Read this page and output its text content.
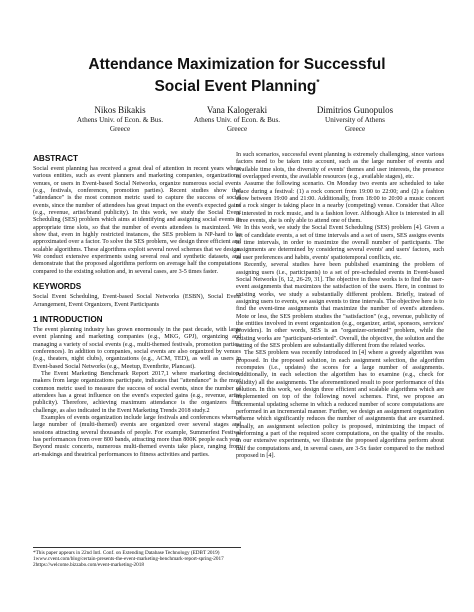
Attendance Maximization for Successful
Social Event Planning*
Nikos Bikakis
Athens Univ. of Econ. & Bus.
Greece
Vana Kalogeraki
Athens Univ. of Econ. & Bus.
Greece
Dimitrios Gunopulos
University of Athens
Greece
ABSTRACT

Social event planning has received a great deal of attention in recent years where various entities, such as event planners and marketing companies, organizations, venues, or users in Event-based Social Networks, organize numerous social events (e.g., festivals, conferences, promotion parties). Recent studies show that "attendance" is the most common metric used to capture the success of social events, since the number of attendees has great impact on the event's expected gains (e.g., revenue, artist/brand publicity). In this work, we study the Social Event Scheduling (SES) problem which aims at identifying and assigning social events to appropriate time slots, so that the number of events attendees is maximized. We show that, even in highly restricted instances, the SES problem is NP-hard to be approximated over a factor. To solve the SES problem, we design three efficient and scalable algorithms. These algorithms exploit several novel schemes that we design. We conduct extensive experiments using several real and synthetic datasets, and demonstrate that the proposed algorithms perform on average half the computations compared to the existing solution and, in several cases, are 3-5 times faster.

KEYWORDS

Social Event Scheduling, Event-based Social Networks (ESBN), Social Event Arrangement, Event Organizers, Event Participants

1 INTRODUCTION

The event planning industry has grown enormously in the past decade, with large event planning and marketing companies (e.g., MKG, GPJ), organizing and managing a variety of social events (e.g., multi-themed festivals, promotion parties, conferences). In addition to companies, social events are also organized by venues (e.g., theaters, night clubs), organizations (e.g., ACM, TED), as well as users in Event-based Social Networks (e.g., Meetup, Eventbrite, Plancast).

The Event Marketing Benchmark Report 2017,1 where marketing decision-makers from large organizations participate, indicates that "attendance" is the most common metric used to measure the success of social events, since the number of attendees has a great influence on the event's expected gains (e.g., revenue, artist publicity). Therefore, achieving maximum attendance is the organizers first challenge, as also indicated in the Event Marketing Trends 2018 study.2

Examples of events organization include large festivals and conferences where a large number of (multi-themed) events are organized over several stages and sessions attracting several thousands of people. For example, Summerfest Festival has performances from over 800 bands, attracting more than 800K people each year. Beyond music concerts, numerous multi-themed events take place, ranging from art-makings and theatrical performances to fitness activities and parties.

*This paper appears in 22nd Intl. Conf. on Extending Database Technology (EDBT 2019)

1www.cvent.com/blog/certain-presents-the-event-marketing-benchmark-report-spring-2017

2https://welcome.bizzabo.com/event-marketing-2018

In such scenarios, successful event planning is extremely challenging, since various factors need to be taken into account, such as the large number of events and available time slots, the diversity of events' themes and user interests, the presence of overlapped events, the available resources (e.g., available stages), etc.

Assume the following scenario. On Monday two events are scheduled to take place during a festival: (1) a rock concert from 19:00 to 22:00; and (2) a fashion show between 19:00 and 21:00. Additionally, from 18:00 to 20:00 a music concert of a rock singer is taking place in a nearby (competing) venue. Consider that Alice is interested in rock music, and is a fashion lover. Although Alice is interested in all three events, she is only able to attend one of them.

In this work, we study the Social Event Scheduling (SES) problem [4]. Given a set of candidate events, a set of time intervals and a set of users, SES assigns events to time intervals, in order to maximize the overall number of participants. The assignments are determined by considering several events' and users' factors, such as user preferences and habits, events' spatiotemporal conflicts, etc.

Recently, several studies have been published examining the problem of assigning users (i.e., participants) to a set of pre-scheduled events in Event-based Social Networks [6, 12, 26-29, 31]. The objective in these works is to find the user-event assignments that maximizes the satisfaction of the users. Here, in contrast to existing works, we study a substantially different problem. Briefly, instead of assigning users to events, we assign events to time intervals. The objective here is to find the event-time assignments that maximize the number of event's attendees. Mote or less, the SES problem studies the "satisfaction" (e.g., revenue, publicity of the entities involved in event organization (e.g., organizer, artist, sponsors, services' providers). In other words, SES is an "organizer-oriented" problem, while the existing works are "participant-oriented". Overall, the objective, the solution and the setting of the SES problem are substantially different from the related works.

The SES problem was recently introduced in [4] where a greedy algorithm was proposed. In the proposed solution, in each assignment selection, the algorithm recomputes (i.e., updates) the scores for a large number of assignments. Additionally, in each selection the algorithm has to examine (e.g., check for validity) all the assignments. The aforementioned result to poor performance of this solution. In this work, we design three efficient and scalable algorithms which are implemented on top of the following novel schemes. First, we propose an incremental updating scheme in which a reduced number of score computations are performed in an incremental manner. Further, we design an assignment organization scheme which significantly reduces the number of assignments that are examined. Finally, an assignment selection policy is proposed, minimizing the impact of performing a part of the required score computations, on the quality of the results. In our extensive experiments, we illustrate the proposed algorithms perform about half the computations and, in several cases, are 3-5x faster compared to the method proposed in [4].
